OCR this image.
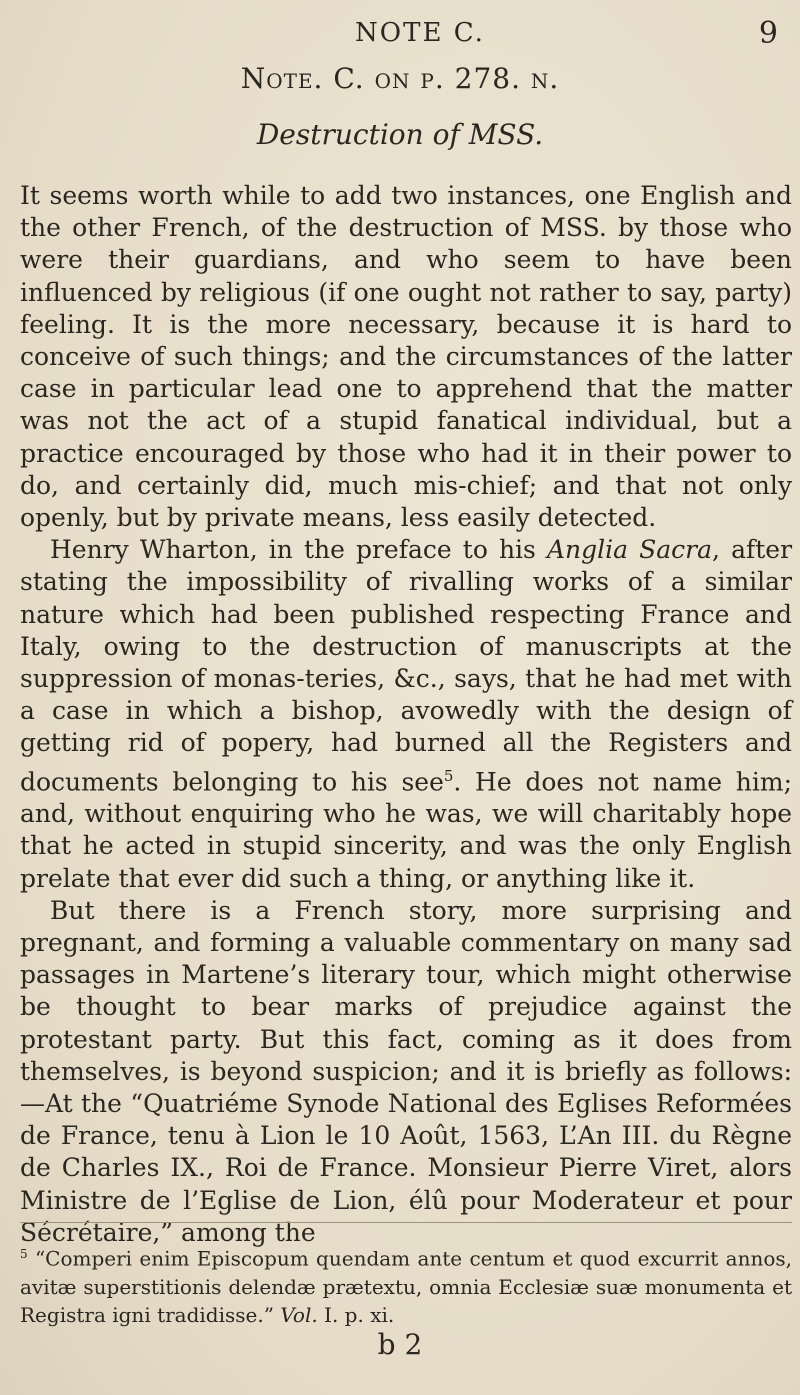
NOTE C.	9
Note. C. on p. 278. n.
Destruction of MSS.

It seems worth while to add two instances, one English and the other French, of the destruction of MSS. by those who were their guardians, and who seem to have been influenced by religious (if one ought not rather to say, party) feeling. It is the more necessary, because it is hard to conceive of such things; and the circumstances of the latter case in particular lead one to apprehend that the matter was not the act of a stupid fanatical individual, but a practice encouraged by those who had it in their power to do, and certainly did, much mis-chief; and that not only openly, but by private means, less easily detected.

Henry Wharton, in the preface to his Anglia Sacra, after stating the impossibility of rivalling works of a similar nature which had been published respecting France and Italy, owing to the destruction of manuscripts at the suppression of monas-teries, &c., says, that he had met with a case in which a bishop, avowedly with the design of getting rid of popery, had burned all the Registers and documents belonging to his see$^5$. He does not name him; and, without enquiring who he was, we will charitably hope that he acted in stupid sincerity, and was the only English prelate that ever did such a thing, or anything like it.

But there is a French story, more surprising and pregnant, and forming a valuable commentary on many sad passages in Martene’s literary tour, which might otherwise be thought to bear marks of prejudice against the protestant party. But this fact, coming as it does from themselves, is beyond suspicion; and it is briefly as follows:—At the “Quatriéme Synode National des Eglises Reformées de France, tenu à Lion le 10 Août, 1563, L’An III. du Règne de Charles IX., Roi de France. Monsieur Pierre Viret, alors Ministre de l’Eglise de Lion, élû pour Moderateur et pour Sécrétaire,” among the

$^5$ “Comperi enim Episcopum quendam ante centum et quod excurrit annos, avitæ superstitionis delendæ prætextu, omnia Ecclesiæ suæ monumenta et Registra igni tradidisse.” Vol. I. p. xi.
b 2
